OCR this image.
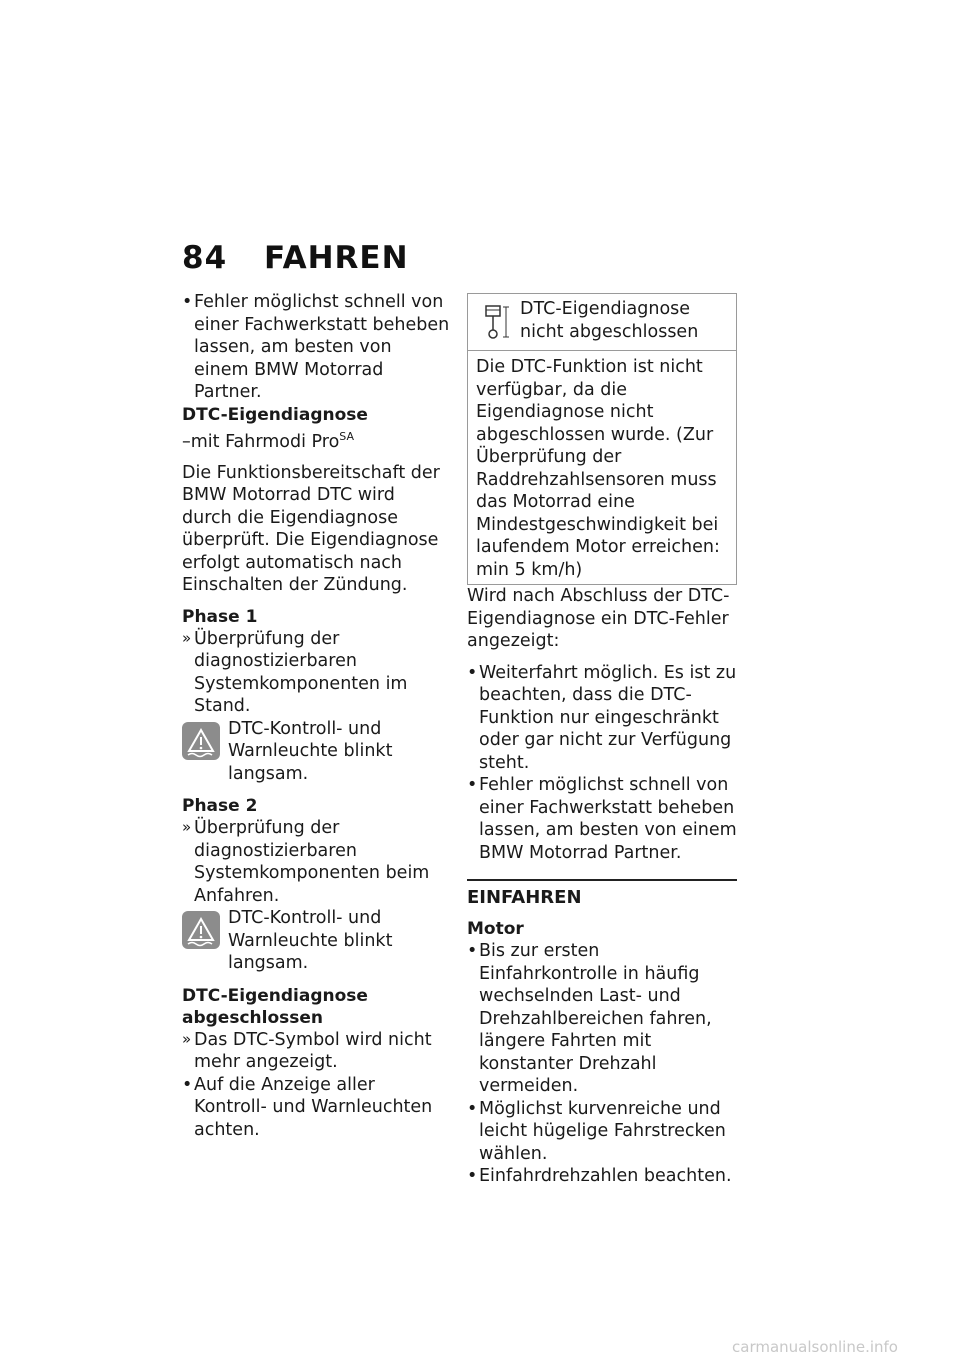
84 FAHREN

• Fehler möglichst schnell von einer Fachwerkstatt beheben lassen, am besten von einem BMW Motorrad Partner.

DTC-Eigendiagnose

–mit Fahrmodi Pro$^{SA}$

Die Funktionsbereitschaft der BMW Motorrad DTC wird durch die Eigendiagnose überprüft. Die Eigendiagnose erfolgt automatisch nach Einschalten der Zündung.

Phase 1

» Überprüfung der diagnostizierbaren Systemkomponenten im Stand.

DTC-Kontroll- und Warnleuchte blinkt langsam.

Phase 2

» Überprüfung der diagnostizierbaren Systemkomponenten beim Anfahren.

DTC-Kontroll- und Warnleuchte blinkt langsam.

DTC-Eigendiagnose abgeschlossen

» Das DTC-Symbol wird nicht mehr angezeigt.

• Auf die Anzeige aller Kontroll- und Warnleuchten achten.

DTC-Eigendiagnose nicht abgeschlossen
Die DTC-Funktion ist nicht verfügbar, da die Eigendiagnose nicht abgeschlossen wurde. (Zur Überprüfung der Raddrehzahlsensoren muss das Motorrad eine Mindestgeschwindigkeit bei laufendem Motor erreichen: min 5 km/h)

Wird nach Abschluss der DTC-Eigendiagnose ein DTC-Fehler angezeigt:

• Weiterfahrt möglich. Es ist zu beachten, dass die DTC-Funktion nur eingeschränkt oder gar nicht zur Verfügung steht.

• Fehler möglichst schnell von einer Fachwerkstatt beheben lassen, am besten von einem BMW Motorrad Partner.

EINFAHREN

Motor

• Bis zur ersten Einfahrkontrolle in häufig wechselnden Last- und Drehzahlbereichen fahren, längere Fahrten mit konstanter Drehzahl vermeiden.

• Möglichst kurvenreiche und leicht hügelige Fahrstrecken wählen.

• Einfahrdrehzahlen beachten.

carmanualsonline.info
